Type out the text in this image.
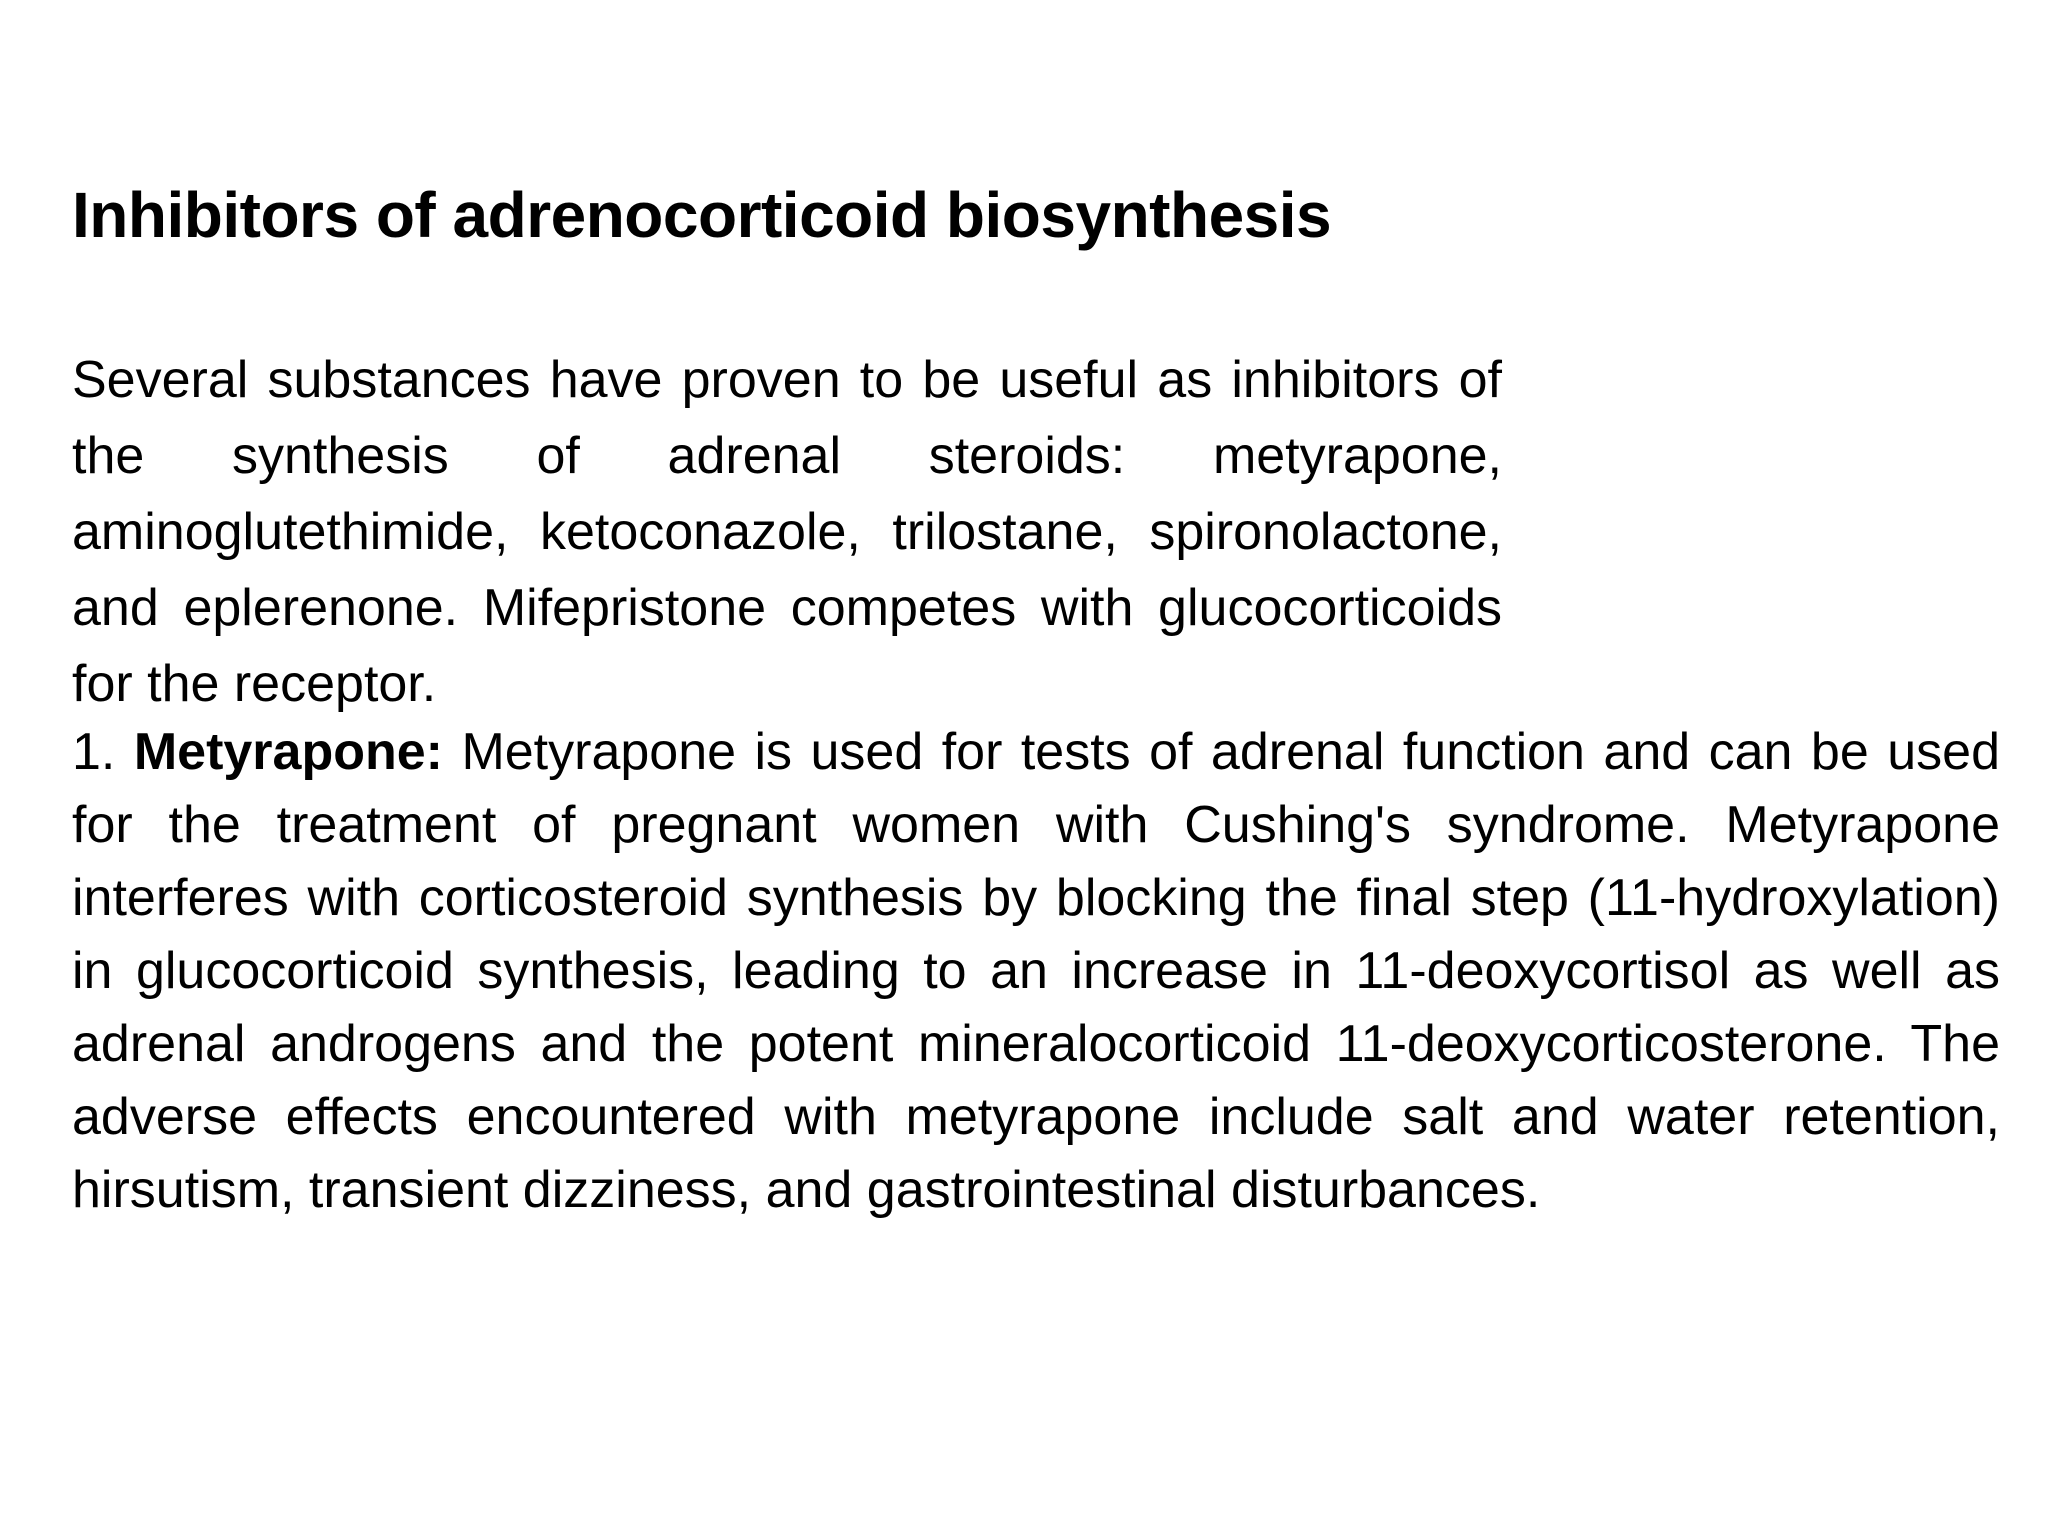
Inhibitors of adrenocorticoid biosynthesis

Several substances have proven to be useful as inhibitors of the synthesis of adrenal steroids: metyrapone, aminoglutethimide, ketoconazole, trilostane, spironolactone, and eplerenone. Mifepristone competes with glucocorticoids for the receptor.

1. Metyrapone: Metyrapone is used for tests of adrenal function and can be used for the treatment of pregnant women with Cushing's syndrome. Metyrapone interferes with corticosteroid synthesis by blocking the final step (11-hydroxylation) in glucocorticoid synthesis, leading to an increase in 11-deoxycortisol as well as adrenal androgens and the potent mineralocorticoid 11-deoxycorticosterone. The adverse effects encountered with metyrapone include salt and water retention, hirsutism, transient dizziness, and gastrointestinal disturbances.
